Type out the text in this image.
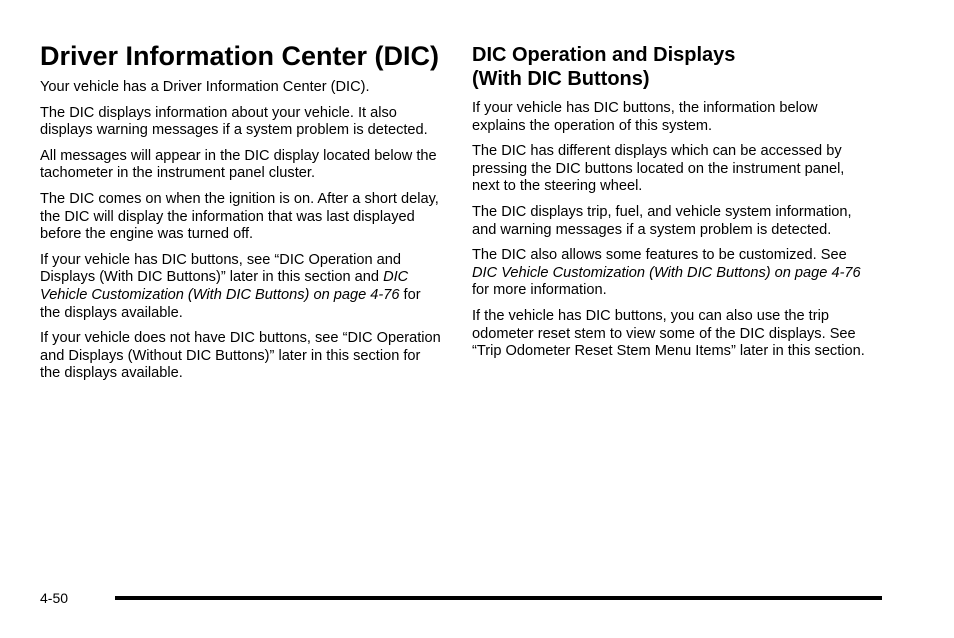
Driver Information Center (DIC)

Your vehicle has a Driver Information Center (DIC).

The DIC displays information about your vehicle. It also displays warning messages if a system problem is detected.

All messages will appear in the DIC display located below the tachometer in the instrument panel cluster.

The DIC comes on when the ignition is on. After a short delay, the DIC will display the information that was last displayed before the engine was turned off.

If your vehicle has DIC buttons, see “DIC Operation and Displays (With DIC Buttons)” later in this section and DIC Vehicle Customization (With DIC Buttons) on page 4-76 for the displays available.

If your vehicle does not have DIC buttons, see “DIC Operation and Displays (Without DIC Buttons)” later in this section for the displays available.

DIC Operation and Displays
(With DIC Buttons)

If your vehicle has DIC buttons, the information below explains the operation of this system.

The DIC has different displays which can be accessed by pressing the DIC buttons located on the instrument panel, next to the steering wheel.

The DIC displays trip, fuel, and vehicle system information, and warning messages if a system problem is detected.

The DIC also allows some features to be customized. See DIC Vehicle Customization (With DIC Buttons) on page 4-76 for more information.

If the vehicle has DIC buttons, you can also use the trip odometer reset stem to view some of the DIC displays. See “Trip Odometer Reset Stem Menu Items” later in this section.

4-50
